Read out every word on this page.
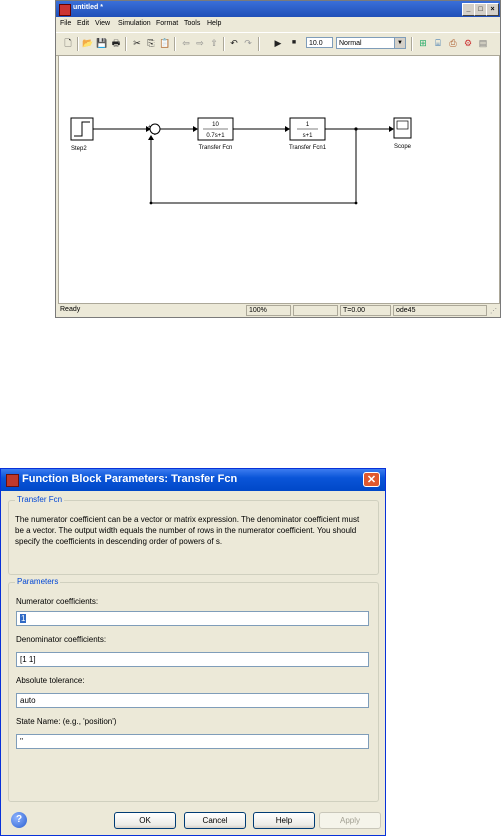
untitled *	_	□	×
File Edit View Simulation Format Tools Help
🗋 📂 💾 🖶 ✂ ⎘ 📋 ⇦ ⇨ ⇧ ↶ ↷	▶	■	10.0	Normal	▼ ⊞ ⌸ ⎙ ⚙ ▤
Step2
+
-
10
0.7s+1
Transfer Fcn
1
s+1
Transfer Fcn1	Scope
Ready	100%	T=0.00	ode45	⋰
Function Block Parameters: Transfer Fcn	✕
Transfer Fcn
The numerator coefficient can be a vector or matrix expression. The denominator coefficient must be a vector. The output width equals the number of rows in the numerator coefficient. You should specify the coefficients in descending order of powers of s.
Parameters
Numerator coefficients:
1
Denominator coefficients:
[1 1]
Absolute tolerance:
auto
State Name: (e.g., 'position')
''
?	OK	Cancel	Help	Apply
